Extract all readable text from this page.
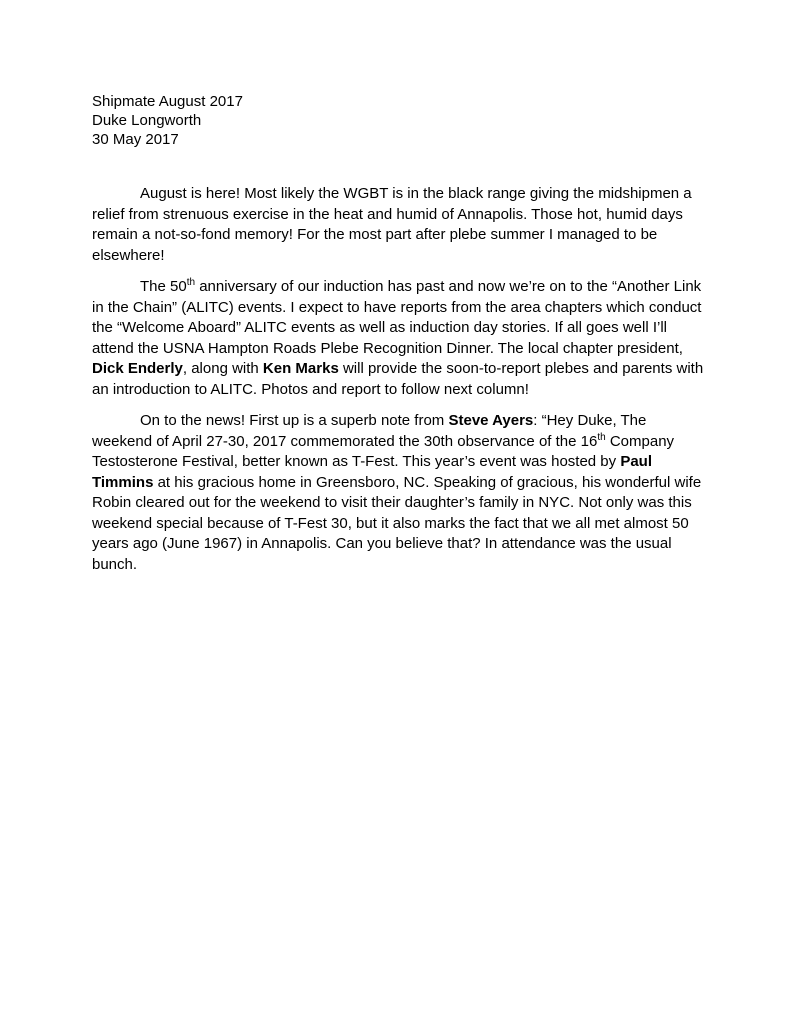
Shipmate August 2017
Duke Longworth
30 May 2017

August is here! Most likely the WGBT is in the black range giving the midshipmen a relief from strenuous exercise in the heat and humid of Annapolis. Those hot, humid days remain a not-so-fond memory! For the most part after plebe summer I managed to be elsewhere!

The 50th anniversary of our induction has past and now we’re on to the “Another Link in the Chain” (ALITC) events. I expect to have reports from the area chapters which conduct the “Welcome Aboard” ALITC events as well as induction day stories. If all goes well I’ll attend the USNA Hampton Roads Plebe Recognition Dinner. The local chapter president, Dick Enderly, along with Ken Marks will provide the soon-to-report plebes and parents with an introduction to ALITC. Photos and report to follow next column!

On to the news! First up is a superb note from Steve Ayers: “Hey Duke, The weekend of April 27-30, 2017 commemorated the 30th observance of the 16th Company Testosterone Festival, better known as T-Fest. This year’s event was hosted by Paul Timmins at his gracious home in Greensboro, NC. Speaking of gracious, his wonderful wife Robin cleared out for the weekend to visit their daughter’s family in NYC. Not only was this weekend special because of T-Fest 30, but it also marks the fact that we all met almost 50 years ago (June 1967) in Annapolis. Can you believe that? In attendance was the usual bunch.
